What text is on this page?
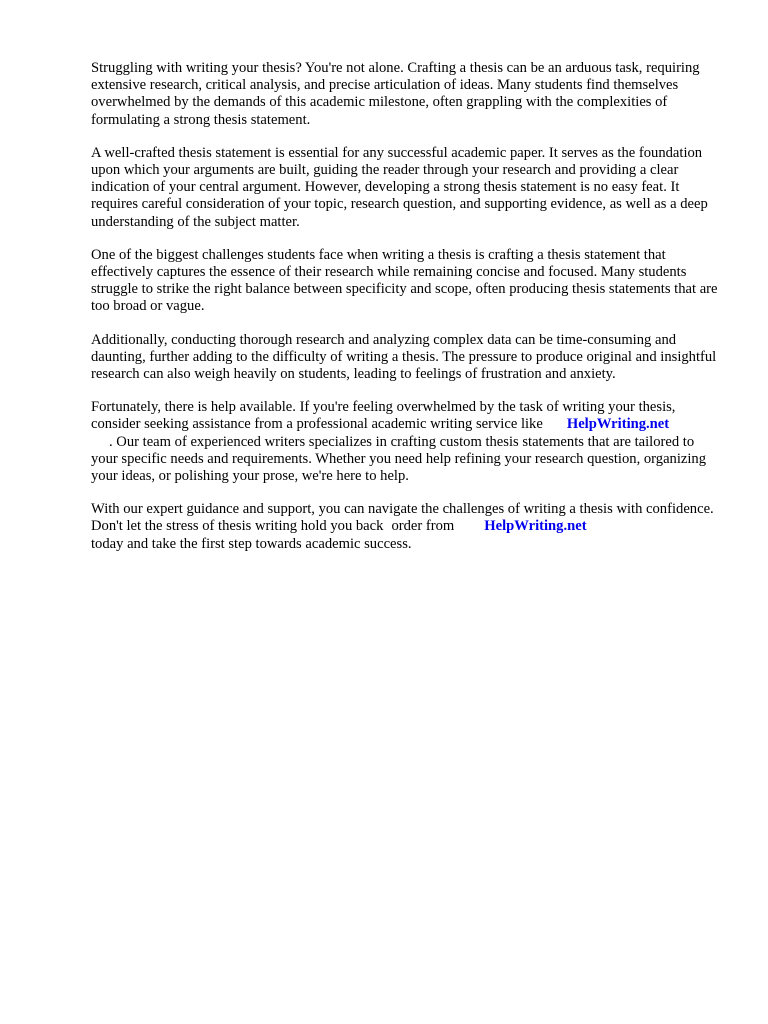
Struggling with writing your thesis? You're not alone. Crafting a thesis can be an arduous task, requiring extensive research, critical analysis, and precise articulation of ideas. Many students find themselves overwhelmed by the demands of this academic milestone, often grappling with the complexities of formulating a strong thesis statement.

A well-crafted thesis statement is essential for any successful academic paper. It serves as the foundation upon which your arguments are built, guiding the reader through your research and providing a clear indication of your central argument. However, developing a strong thesis statement is no easy feat. It requires careful consideration of your topic, research question, and supporting evidence, as well as a deep understanding of the subject matter.

One of the biggest challenges students face when writing a thesis is crafting a thesis statement that effectively captures the essence of their research while remaining concise and focused. Many students struggle to strike the right balance between specificity and scope, often producing thesis statements that are too broad or vague.

Additionally, conducting thorough research and analyzing complex data can be time-consuming and daunting, further adding to the difficulty of writing a thesis. The pressure to produce original and insightful research can also weigh heavily on students, leading to feelings of frustration and anxiety.

Fortunately, there is help available. If you're feeling overwhelmed by the task of writing your thesis, consider seeking assistance from a professional academic writing service like HelpWriting.net
. Our team of experienced writers specializes in crafting custom thesis statements that are tailored to your specific needs and requirements. Whether you need help refining your research question, organizing your ideas, or polishing your prose, we're here to help.

With our expert guidance and support, you can navigate the challenges of writing a thesis with confidence. Don't let the stress of thesis writing hold you back order from HelpWriting.net
today and take the first step towards academic success.
